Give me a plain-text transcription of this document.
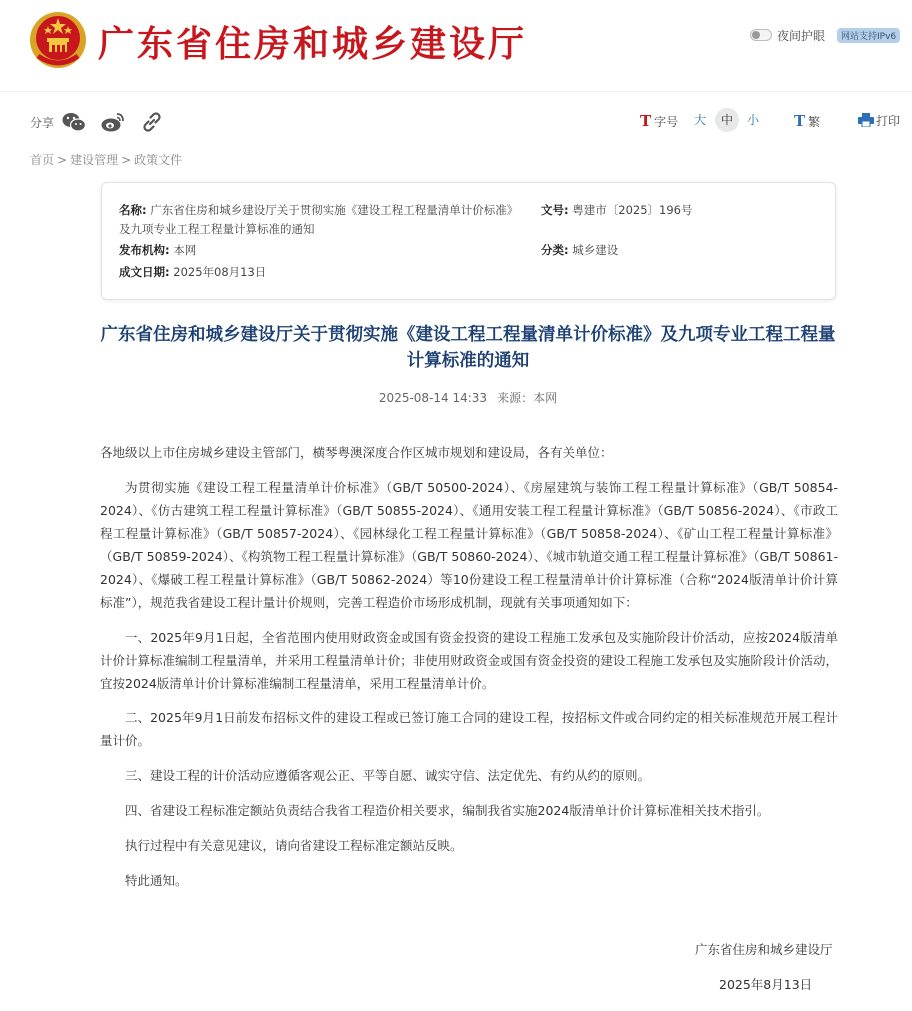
广东省住房和城乡建设厅	夜间护眼	网站支持IPv6
分享	T 字号	大	中	小	T 繁	打印
首页 > 建设管理 > 政策文件
名称: 广东省住房和城乡建设厅关于贯彻实施《建设工程工程量清单计价标准》及九项专业工程工程量计算标准的通知
文号: 粤建市〔2025〕196号
发布机构: 本网	分类: 城乡建设
成文日期: 2025年08月13日
广东省住房和城乡建设厅关于贯彻实施《建设工程工程量清单计价标准》及九项专业工程工程量计算标准的通知
2025-08-14 14:33 来源：本网
各地级以上市住房城乡建设主管部门，横琴粤澳深度合作区城市规划和建设局，各有关单位：
为贯彻实施《建设工程工程量清单计价标准》（GB/T 50500-2024）、《房屋建筑与装饰工程工程量计算标准》（GB/T 50854-2024）、《仿古建筑工程工程量计算标准》（GB/T 50855-2024）、《通用安装工程工程量计算标准》（GB/T 50856-2024）、《市政工程工程量计算标准》（GB/T 50857-2024）、《园林绿化工程工程量计算标准》（GB/T 50858-2024）、《矿山工程工程量计算标准》（GB/T 50859-2024）、《构筑物工程工程量计算标准》（GB/T 50860-2024）、《城市轨道交通工程工程量计算标准》（GB/T 50861-2024）、《爆破工程工程量计算标准》（GB/T 50862-2024）等10份建设工程工程量清单计价计算标准（合称“2024版清单计价计算标准”），规范我省建设工程计量计价规则，完善工程造价市场形成机制，现就有关事项通知如下：
一、2025年9月1日起，全省范围内使用财政资金或国有资金投资的建设工程施工发承包及实施阶段计价活动，应按2024版清单计价计算标准编制工程量清单，并采用工程量清单计价；非使用财政资金或国有资金投资的建设工程施工发承包及实施阶段计价活动，宜按2024版清单计价计算标准编制工程量清单，采用工程量清单计价。
二、2025年9月1日前发布招标文件的建设工程或已签订施工合同的建设工程，按招标文件或合同约定的相关标准规范开展工程计量计价。
三、建设工程的计价活动应遵循客观公正、平等自愿、诚实守信、法定优先、有约从约的原则。
四、省建设工程标准定额站负责结合我省工程造价相关要求，编制我省实施2024版清单计价计算标准相关技术指引。
执行过程中有关意见建议，请向省建设工程标准定额站反映。
特此通知。
广东省住房和城乡建设厅
2025年8月13日
